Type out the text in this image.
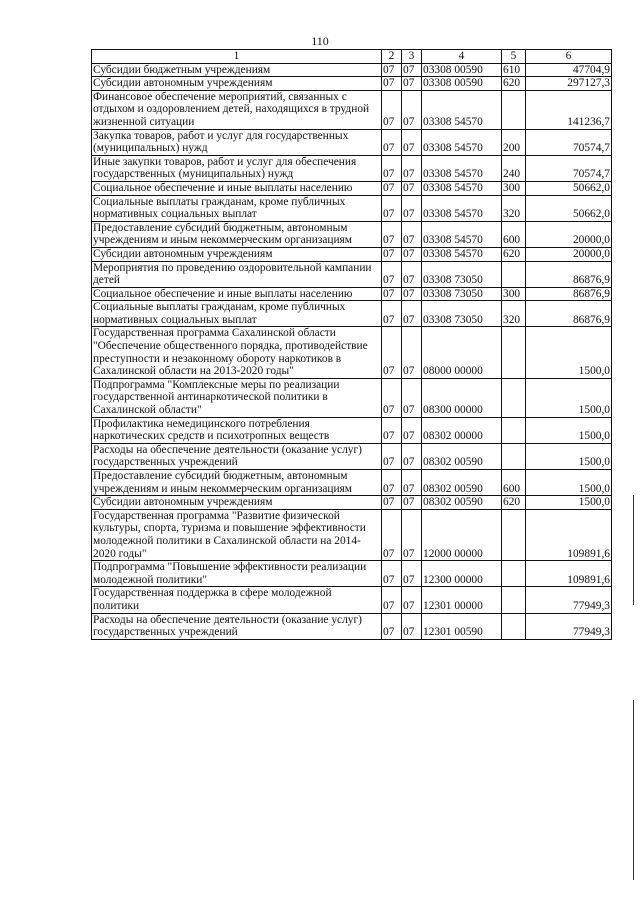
110
1	2	3	4	5	6
Субсидии бюджетным учреждениям	07	07	03308 00590	610	47704,9
Субсидии автономным учреждениям	07	07	03308 00590	620	297127,3
Финансовое обеспечение мероприятий, связанных с отдыхом и оздоровлением детей, находящихся в трудной жизненной ситуации	07	07	03308 54570		141236,7
Закупка товаров, работ и услуг для государственных (муниципальных) нужд	07	07	03308 54570	200	70574,7
Иные закупки товаров, работ и услуг для обеспечения государственных (муниципальных) нужд	07	07	03308 54570	240	70574,7
Социальное обеспечение и иные выплаты населению	07	07	03308 54570	300	50662,0
Социальные выплаты гражданам, кроме публичных нормативных социальных выплат	07	07	03308 54570	320	50662,0
Предоставление субсидий бюджетным, автономным учреждениям и иным некоммерческим организациям	07	07	03308 54570	600	20000,0
Субсидии автономным учреждениям	07	07	03308 54570	620	20000,0
Мероприятия по проведению оздоровительной кампании детей	07	07	03308 73050		86876,9
Социальное обеспечение и иные выплаты населению	07	07	03308 73050	300	86876,9
Социальные выплаты гражданам, кроме публичных нормативных социальных выплат	07	07	03308 73050	320	86876,9
Государственная программа Сахалинской области "Обеспечение общественного порядка, противодействие преступности и незаконному обороту наркотиков в Сахалинской области на 2013-2020 годы"	07	07	08000 00000		1500,0
Подпрограмма "Комплексные меры по реализации государственной антинаркотической политики в Сахалинской области"	07	07	08300 00000		1500,0
Профилактика немедицинского потребления наркотических средств и психотропных веществ	07	07	08302 00000		1500,0
Расходы на обеспечение деятельности (оказание услуг) государственных учреждений	07	07	08302 00590		1500,0
Предоставление субсидий бюджетным, автономным учреждениям и иным некоммерческим организациям	07	07	08302 00590	600	1500,0
Субсидии автономным учреждениям	07	07	08302 00590	620	1500,0
Государственная программа "Развитие физической культуры, спорта, туризма и повышение эффективности молодежной политики в Сахалинской области на 2014-2020 годы"	07	07	12000 00000		109891,6
Подпрограмма "Повышение эффективности реализации молодежной политики"	07	07	12300 00000		109891,6
Государственная поддержка в сфере молодежной политики	07	07	12301 00000		77949,3
Расходы на обеспечение деятельности (оказание услуг) государственных учреждений	07	07	12301 00590		77949,3
